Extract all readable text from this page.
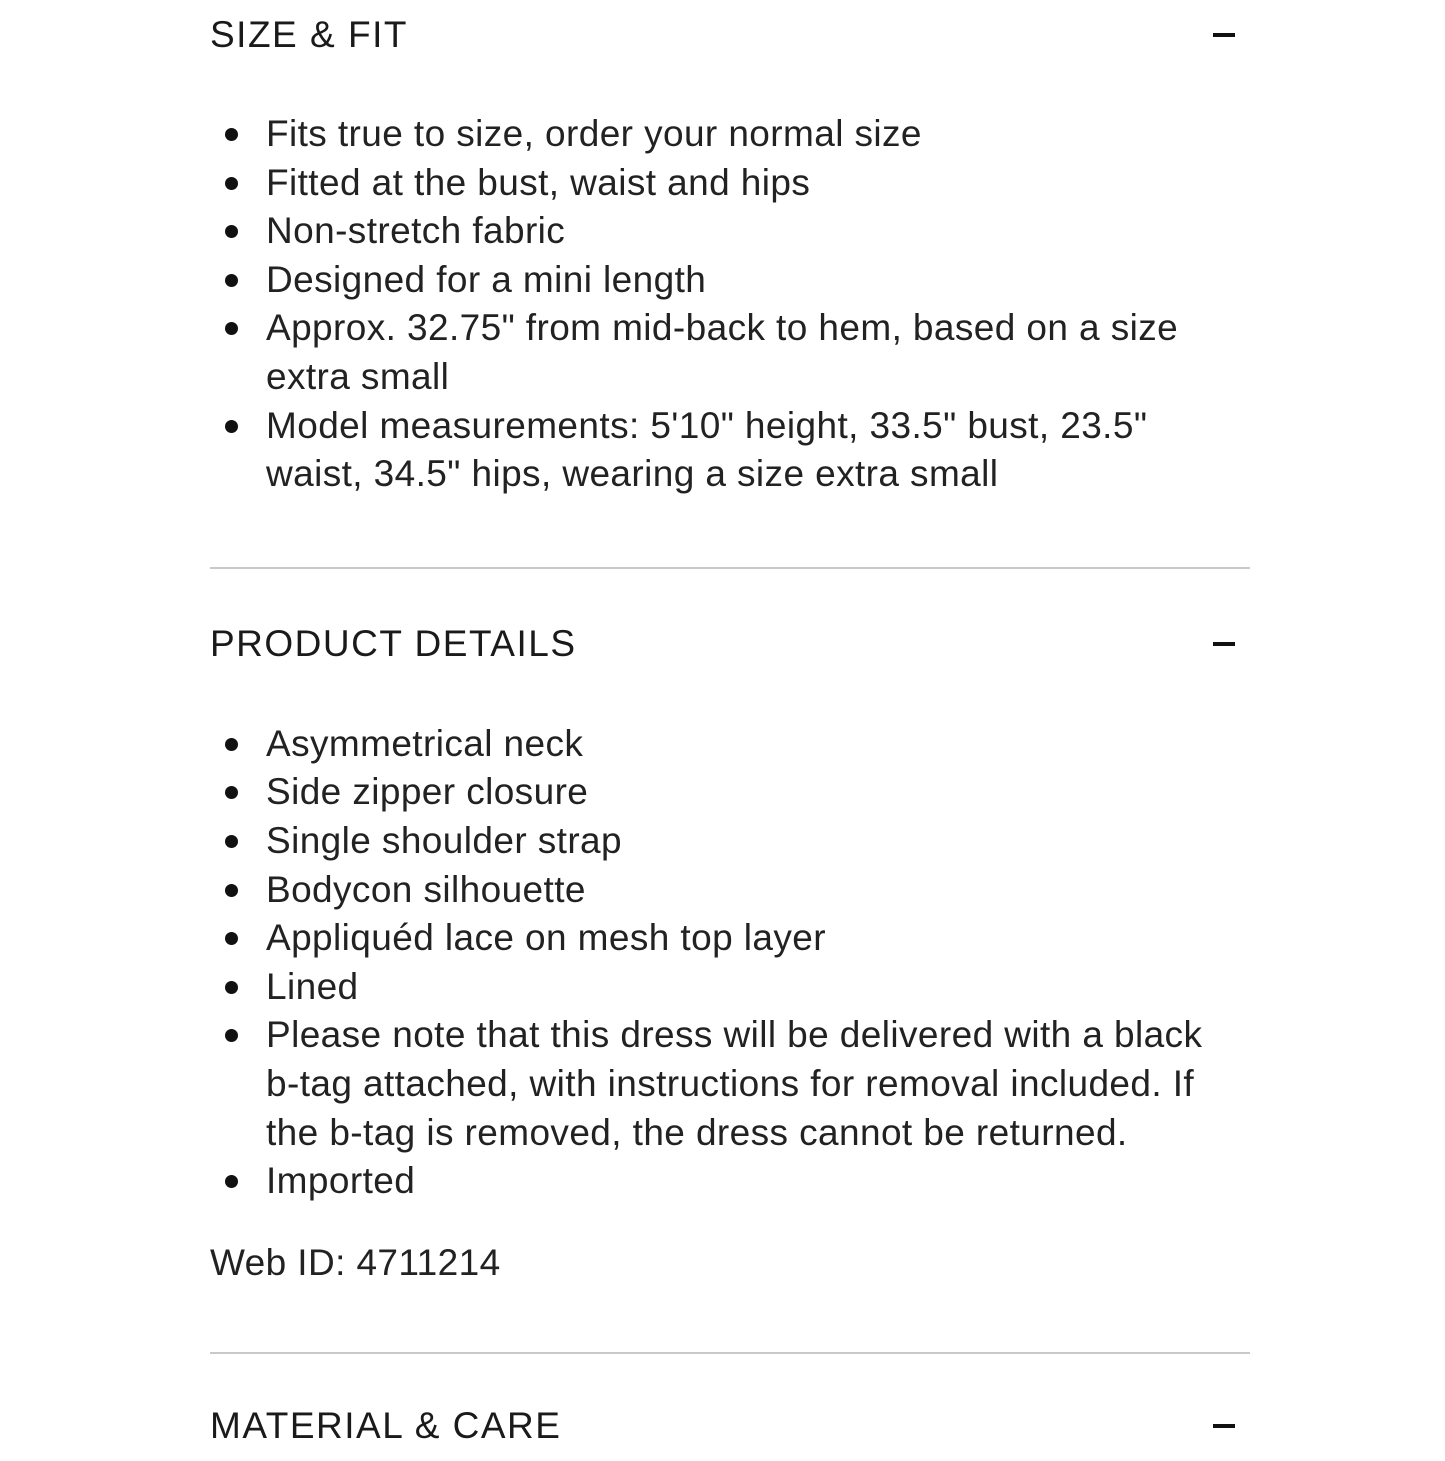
SIZE & FIT
Fits true to size, order your normal size
Fitted at the bust, waist and hips
Non-stretch fabric
Designed for a mini length
Approx. 32.75" from mid-back to hem, based on a size extra small
Model measurements: 5'10" height, 33.5" bust, 23.5" waist, 34.5" hips, wearing a size extra small
PRODUCT DETAILS
Asymmetrical neck
Side zipper closure
Single shoulder strap
Bodycon silhouette
Appliquéd lace on mesh top layer
Lined
Please note that this dress will be delivered with a black b-tag attached, with instructions for removal included. If the b-tag is removed, the dress cannot be returned.
Imported
Web ID: 4711214
MATERIAL & CARE
